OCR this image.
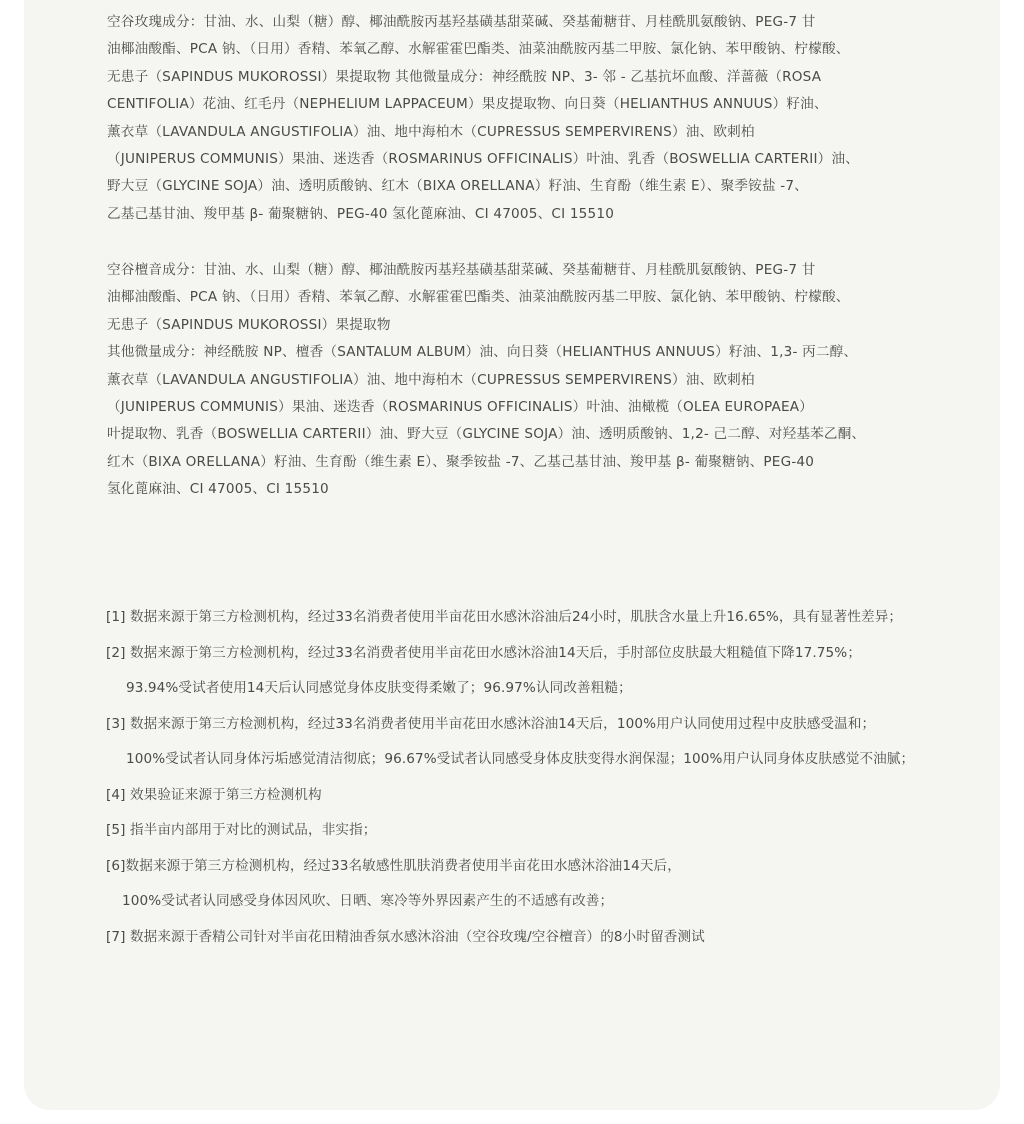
空谷玫瑰成分：甘油、水、山梨（糖）醇、椰油酰胺丙基羟基磺基甜菜碱、癸基葡糖苷、月桂酰肌氨酸钠、PEG-7 甘
油椰油酸酯、PCA 钠、（日用）香精、苯氧乙醇、水解霍霍巴酯类、油菜油酰胺丙基二甲胺、氯化钠、苯甲酸钠、柠檬酸、
无患子（SAPINDUS MUKOROSSI）果提取物 其他微量成分：神经酰胺 NP、3- 邻 - 乙基抗坏血酸、洋蔷薇（ROSA
CENTIFOLIA）花油、红毛丹（NEPHELIUM LAPPACEUM）果皮提取物、向日葵（HELIANTHUS ANNUUS）籽油、
薰衣草（LAVANDULA ANGUSTIFOLIA）油、地中海柏木（CUPRESSUS SEMPERVIRENS）油、欧刺柏
（JUNIPERUS COMMUNIS）果油、迷迭香（ROSMARINUS OFFICINALIS）叶油、乳香（BOSWELLIA CARTERII）油、
野大豆（GLYCINE SOJA）油、透明质酸钠、红木（BIXA ORELLANA）籽油、生育酚（维生素 E）、聚季铵盐 -7、
乙基己基甘油、羧甲基 β- 葡聚糖钠、PEG-40 氢化蓖麻油、CI 47005、CI 15510
空谷檀音成分：甘油、水、山梨（糖）醇、椰油酰胺丙基羟基磺基甜菜碱、癸基葡糖苷、月桂酰肌氨酸钠、PEG-7 甘
油椰油酸酯、PCA 钠、（日用）香精、苯氧乙醇、水解霍霍巴酯类、油菜油酰胺丙基二甲胺、氯化钠、苯甲酸钠、柠檬酸、
无患子（SAPINDUS MUKOROSSI）果提取物
其他微量成分：神经酰胺 NP、檀香（SANTALUM ALBUM）油、向日葵（HELIANTHUS ANNUUS）籽油、1,3- 丙二醇、
薰衣草（LAVANDULA ANGUSTIFOLIA）油、地中海柏木（CUPRESSUS SEMPERVIRENS）油、欧刺柏
（JUNIPERUS COMMUNIS）果油、迷迭香（ROSMARINUS OFFICINALIS）叶油、油橄榄（OLEA EUROPAEA）
叶提取物、乳香（BOSWELLIA CARTERII）油、野大豆（GLYCINE SOJA）油、透明质酸钠、1,2- 己二醇、对羟基苯乙酮、
红木（BIXA ORELLANA）籽油、生育酚（维生素 E）、聚季铵盐 -7、乙基己基甘油、羧甲基 β- 葡聚糖钠、PEG-40
氢化蓖麻油、CI 47005、CI 15510
[1] 数据来源于第三方检测机构，经过33名消费者使用半亩花田水感沐浴油后24小时，肌肤含水量上升16.65%，具有显著性差异；
[2] 数据来源于第三方检测机构，经过33名消费者使用半亩花田水感沐浴油14天后，手肘部位皮肤最大粗糙值下降17.75%；
93.94%受试者使用14天后认同感觉身体皮肤变得柔嫩了；96.97%认同改善粗糙；
[3] 数据来源于第三方检测机构，经过33名消费者使用半亩花田水感沐浴油14天后，100%用户认同使用过程中皮肤感受温和；
100%受试者认同身体污垢感觉清洁彻底；96.67%受试者认同感受身体皮肤变得水润保湿；100%用户认同身体皮肤感觉不油腻；
[4] 效果验证来源于第三方检测机构
[5] 指半亩内部用于对比的测试品，非实指；
[6]数据来源于第三方检测机构，经过33名敏感性肌肤消费者使用半亩花田水感沐浴油14天后，
100%受试者认同感受身体因风吹、日晒、寒冷等外界因素产生的不适感有改善；
[7] 数据来源于香精公司针对半亩花田精油香氛水感沐浴油（空谷玫瑰/空谷檀音）的8小时留香测试
